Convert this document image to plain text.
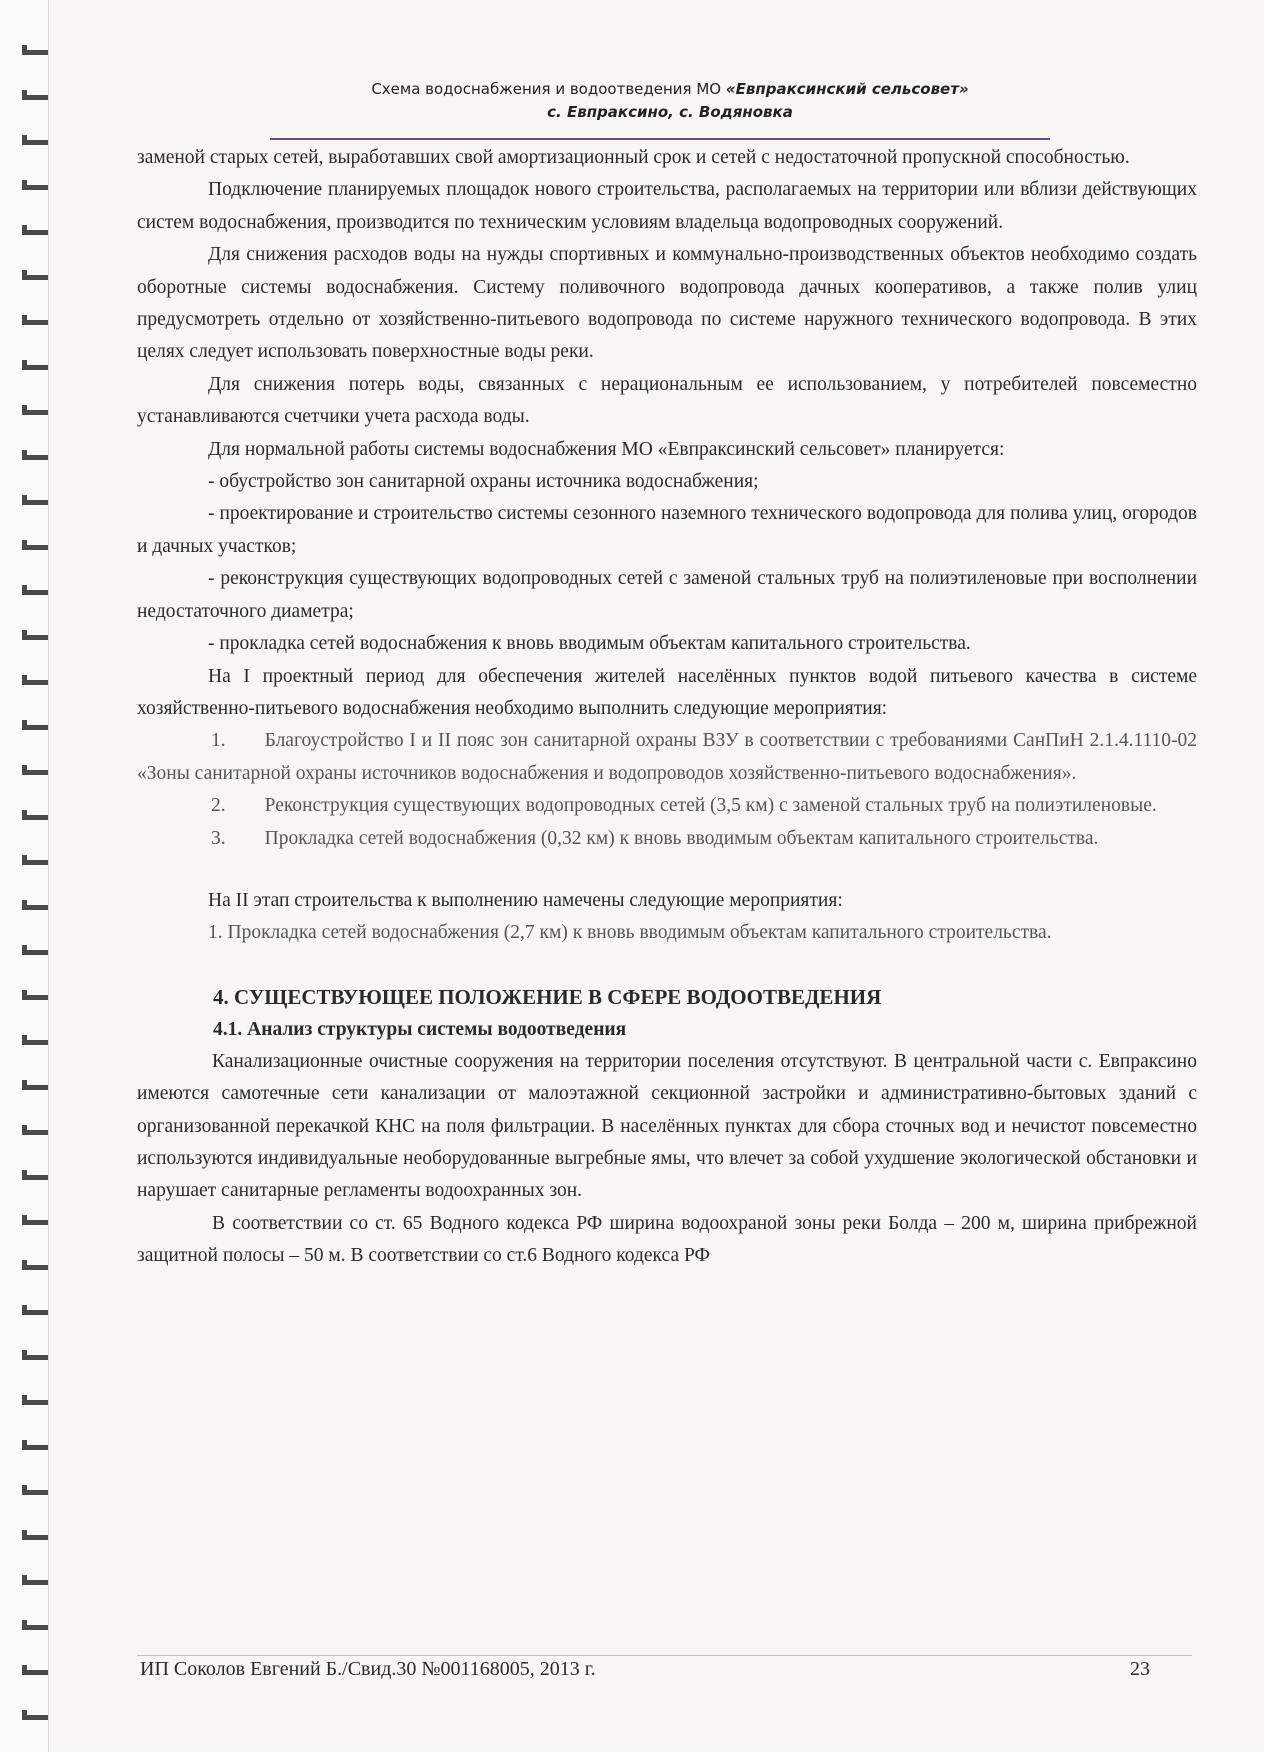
Схема водоснабжения и водоотведения МО «Евпраксинский сельсовет»
с. Евпраксино, с. Водяновка

заменой старых сетей, выработавших свой амортизационный срок и сетей с недостаточной пропускной способностью.

Подключение планируемых площадок нового строительства, располагаемых на территории или вблизи действующих систем водоснабжения, производится по техническим условиям владельца водопроводных сооружений.

Для снижения расходов воды на нужды спортивных и коммунально-производственных объектов необходимо создать оборотные системы водоснабжения. Систему поливочного водопровода дачных кооперативов, а также полив улиц предусмотреть отдельно от хозяйственно-питьевого водопровода по системе наружного технического водопровода. В этих целях следует использовать поверхностные воды реки.

Для снижения потерь воды, связанных с нерациональным ее использованием, у потребителей повсеместно устанавливаются счетчики учета расхода воды.

Для нормальной работы системы водоснабжения МО «Евпраксинский сельсовет» планируется:

- обустройство зон санитарной охраны источника водоснабжения;

- проектирование и строительство системы сезонного наземного технического водопровода для полива улиц, огородов и дачных участков;

- реконструкция существующих водопроводных сетей с заменой стальных труб на полиэтиленовые при восполнении недостаточного диаметра;

- прокладка сетей водоснабжения к вновь вводимым объектам капитального строительства.

На I проектный период для обеспечения жителей населённых пунктов водой питьевого качества в системе хозяйственно-питьевого водоснабжения необходимо выполнить следующие мероприятия:

1.  Благоустройство I и II пояс зон санитарной охраны ВЗУ в соответствии с требованиями СанПиН 2.1.4.1110-02 «Зоны санитарной охраны источников водоснабжения и водопроводов хозяйственно-питьевого водоснабжения».

2.  Реконструкция существующих водопроводных сетей (3,5 км) с заменой стальных труб на полиэтиленовые.

3.  Прокладка сетей водоснабжения (0,32 км) к вновь вводимым объектам капитального строительства.

На II этап строительства к выполнению намечены следующие мероприятия:

1. Прокладка сетей водоснабжения (2,7 км) к вновь вводимым объектам капитального строительства.

4. СУЩЕСТВУЮЩЕЕ ПОЛОЖЕНИЕ В СФЕРЕ ВОДООТВЕДЕНИЯ

4.1. Анализ структуры системы водоотведения

Канализационные очистные сооружения на территории поселения отсутствуют. В центральной части с. Евпраксино имеются самотечные сети канализации от малоэтажной секционной застройки и административно-бытовых зданий с организованной перекачкой КНС на поля фильтрации. В населённых пунктах для сбора сточных вод и нечистот повсеместно используются индивидуальные необорудованные выгребные ямы, что влечет за собой ухудшение экологической обстановки и нарушает санитарные регламенты водоохранных зон.

В соответствии со ст. 65 Водного кодекса РФ ширина водоохраной зоны реки Болда – 200 м, ширина прибрежной защитной полосы – 50 м. В соответствии со ст.6 Водного кодекса РФ

ИП Соколов Евгений Б./Свид.30 №001168005, 2013 г.	23
